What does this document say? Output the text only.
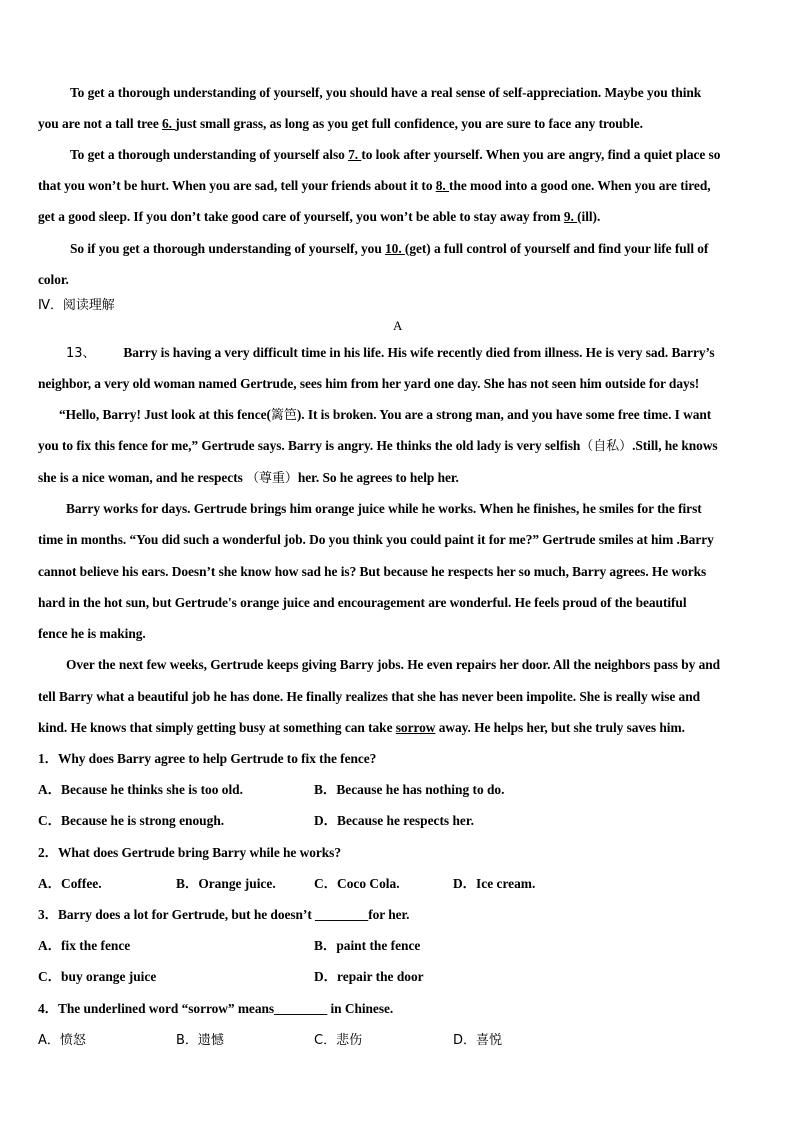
To get a thorough understanding of yourself, you should have a real sense of self-appreciation. Maybe you think
you are not a tall tree 6. just small grass, as long as you get full confidence, you are sure to face any trouble.
To get a thorough understanding of yourself also 7. to look after yourself. When you are angry, find a quiet place so
that you won’t be hurt. When you are sad, tell your friends about it to 8. the mood into a good one. When you are tired,
get a good sleep. If you don’t take good care of yourself, you won’t be able to stay away from 9. (ill).
So if you get a thorough understanding of yourself, you 10. (get) a full control of yourself and find your life full of
color.
Ⅳ．阅读理解
A
13、 Barry is having a very difficult time in his life. His wife recently died from illness. He is very sad. Barry’s
neighbor, a very old woman named Gertrude, sees him from her yard one day. She has not seen him outside for days!
“Hello, Barry! Just look at this fence(篱笆). It is broken. You are a strong man, and you have some free time. I want
you to fix this fence for me,” Gertrude says. Barry is angry. He thinks the old lady is very selfish（自私）.Still, he knows
she is a nice woman, and he respects （尊重）her. So he agrees to help her.
Barry works for days. Gertrude brings him orange juice while he works. When he finishes, he smiles for the first
time in months. “You did such a wonderful job. Do you think you could paint it for me?” Gertrude smiles at him .Barry
cannot believe his ears. Doesn’t she know how sad he is? But because he respects her so much, Barry agrees. He works
hard in the hot sun, but Gertrude's orange juice and encouragement are wonderful. He feels proud of the beautiful
fence he is making.
Over the next few weeks, Gertrude keeps giving Barry jobs. He even repairs her door. All the neighbors pass by and
tell Barry what a beautiful job he has done. He finally realizes that she has never been impolite. She is really wise and
kind. He knows that simply getting busy at something can take sorrow away. He helps her, but she truly saves him.
1．Why does Barry agree to help Gertrude to fix the fence?
A．Because he thinks she is too old.	B．Because he has nothing to do.
C．Because he is strong enough.	D．Because he respects her.
2．What does Gertrude bring Barry while he works?
A．Coffee.	B．Orange juice.	C．Coco Cola.	D．Ice cream.
3．Barry does a lot for Gertrude, but he doesn’t ________for her.
A．fix the fence	B．paint the fence
C．buy orange juice	D．repair the door
4．The underlined word “sorrow” means________ in Chinese.
A．愤怒	B．遗憾	C．悲伤	D．喜悦
